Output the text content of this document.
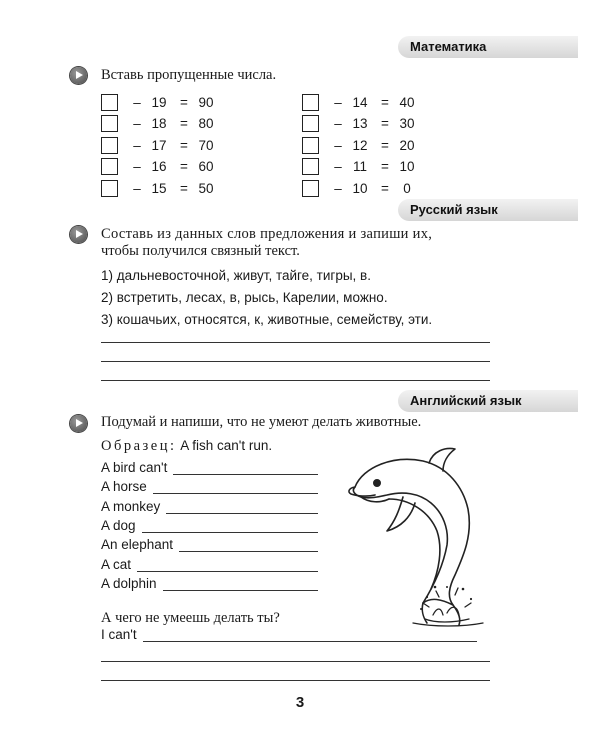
Математика
Вставь пропущенные числа.
– 19	= 90
– 18	= 80
– 17	= 70
– 16	= 60
– 15	= 50
– 14	= 40
– 13	= 30
– 12	= 20
– 11	= 10
– 10	=	0
Русский язык
Составь из данных слов предложения и запиши их,
чтобы получился связный текст.
1) дальневосточной, живут, тайге, тигры, в.
2) встретить, лесах, в, рысь, Карелии, можно.
3) кошачьих, относятся, к, животные, семейству, эти.
Английский язык
Подумай и напиши, что не умеют делать животные.
Образец: A fish can't run.
A bird can't
A horse
A monkey
A dog
An elephant
A cat
A dolphin
А чего не умеешь делать ты?
I can't
3
